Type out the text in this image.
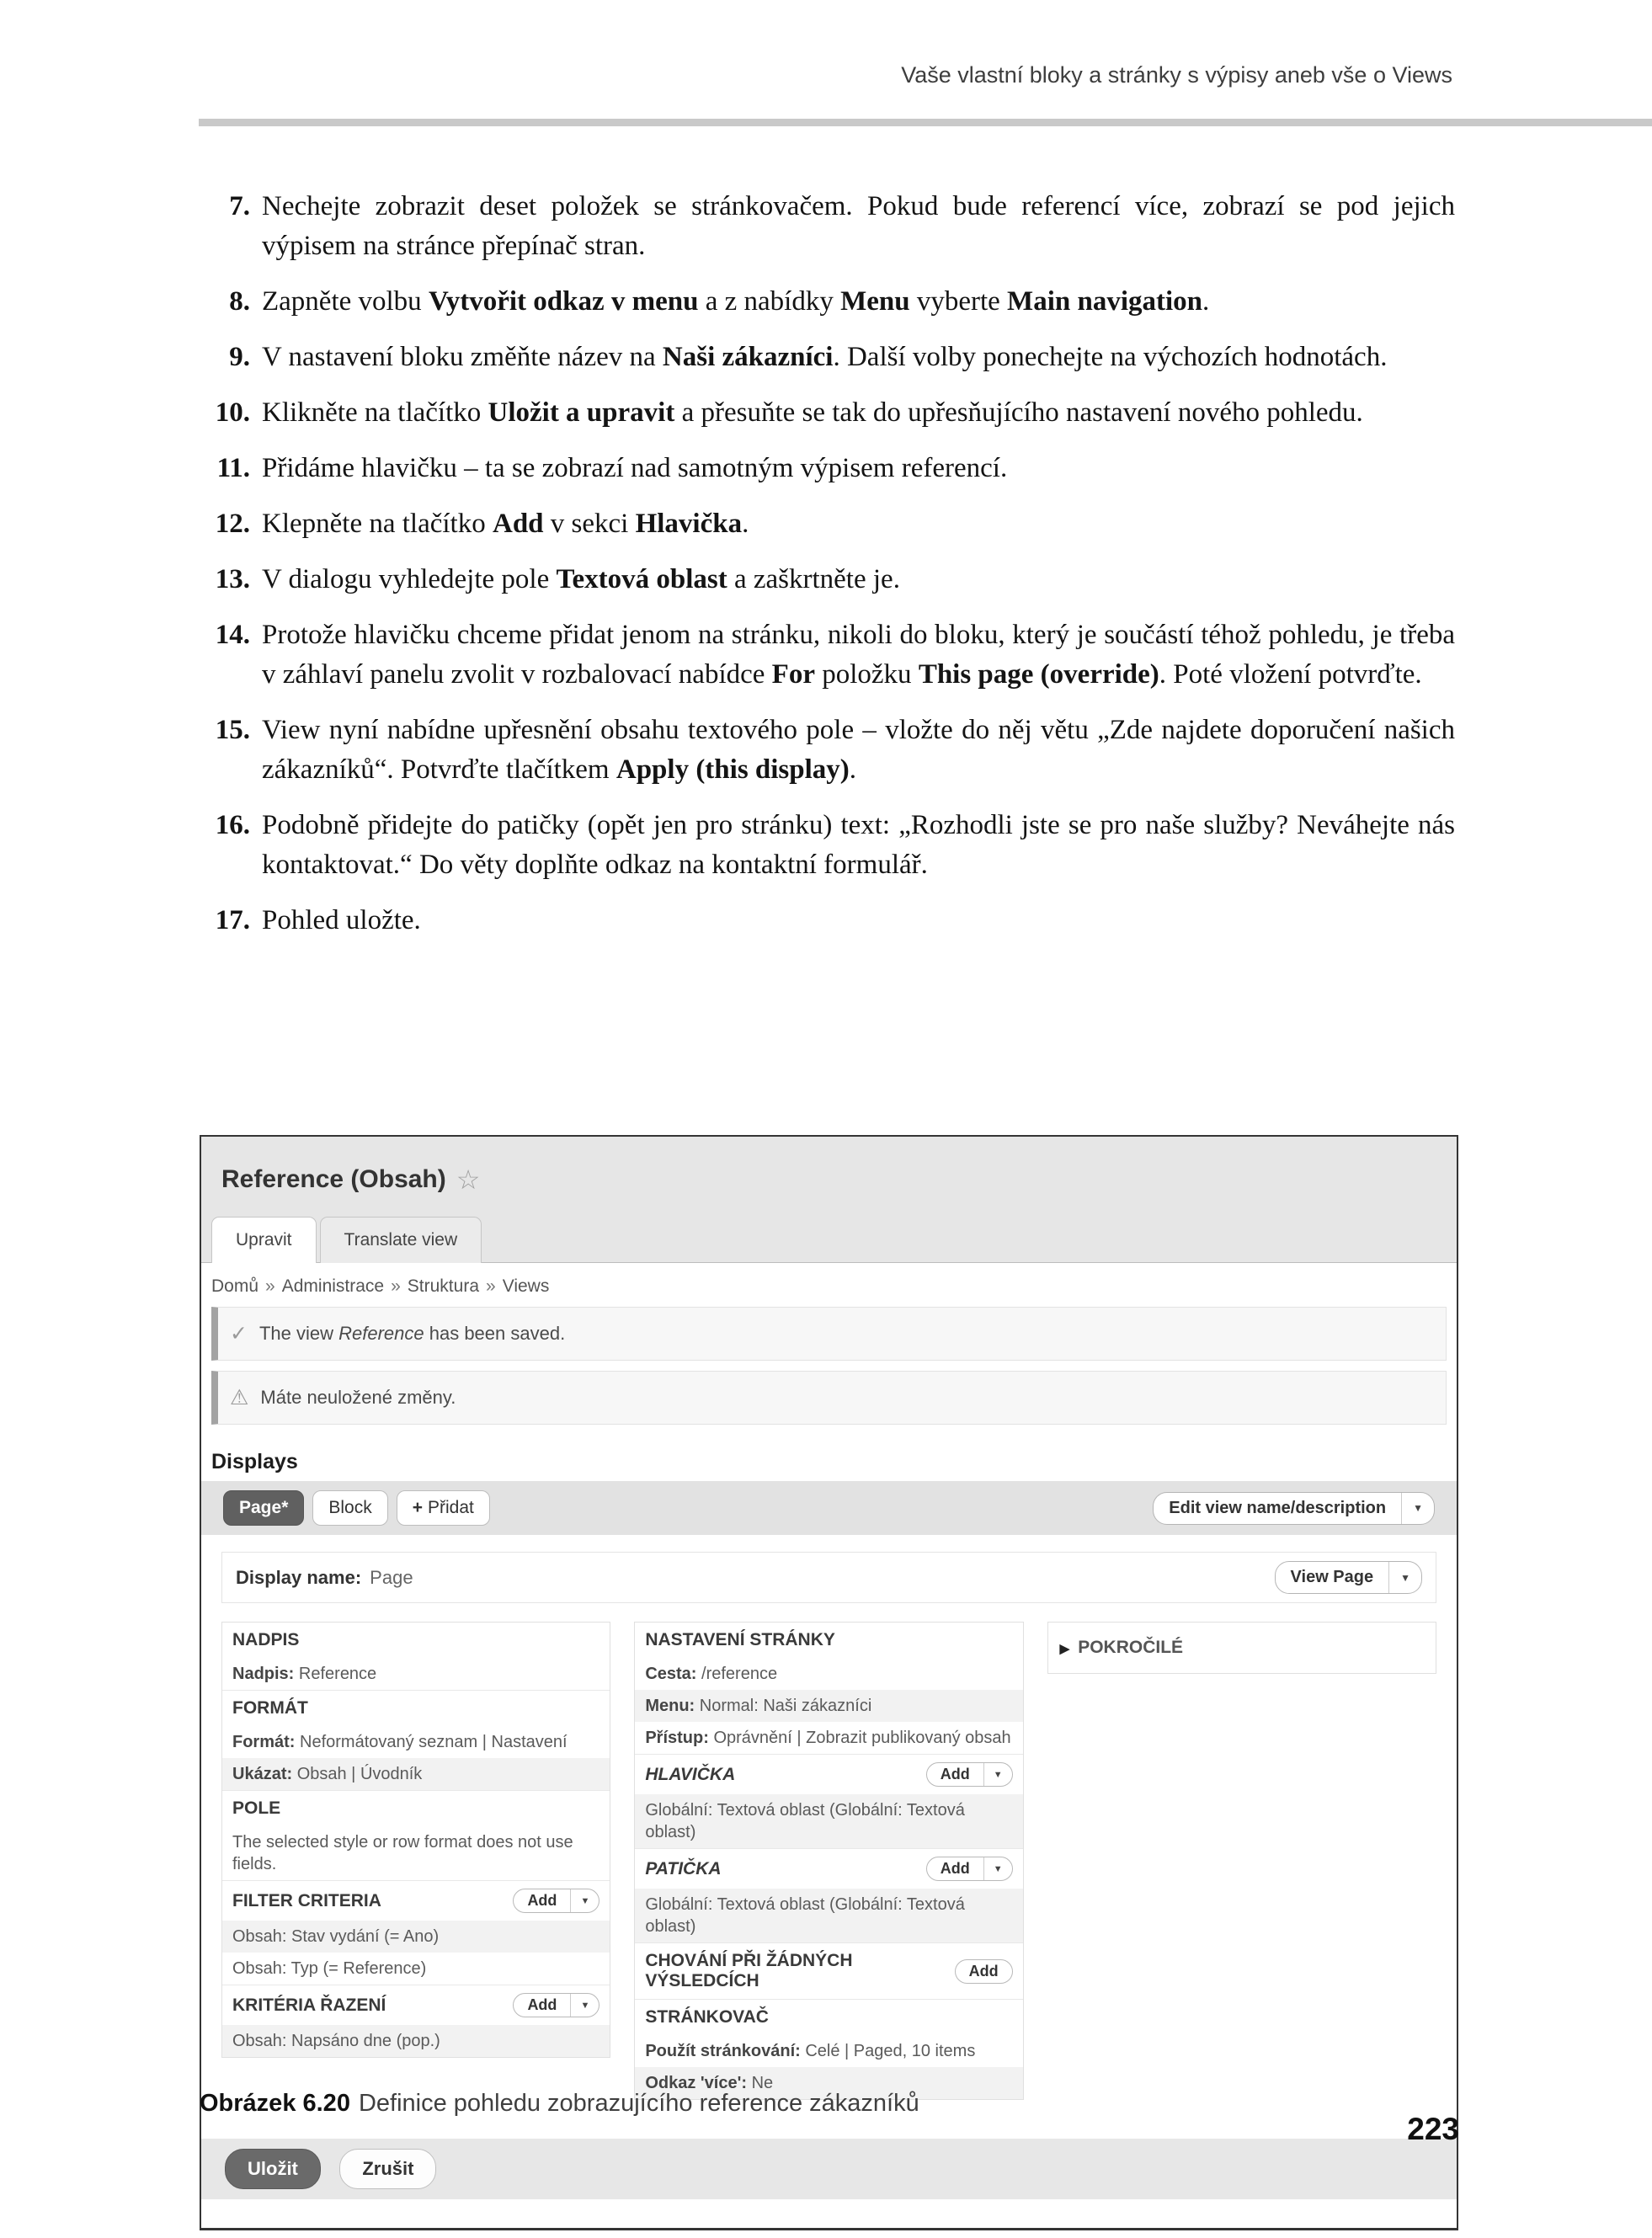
Vaše vlastní bloky a stránky s výpisy aneb vše o Views
7. Nechejte zobrazit deset položek se stránkovačem. Pokud bude referencí více, zobrazí se pod jejich výpisem na stránce přepínač stran.
8. Zapněte volbu Vytvořit odkaz v menu a z nabídky Menu vyberte Main navigation.
9. V nastavení bloku změňte název na Naši zákazníci. Další volby ponechejte na výchozích hodnotách.
10. Klikněte na tlačítko Uložit a upravit a přesuňte se tak do upřesňujícího nastavení nového pohledu.
11. Přidáme hlavičku – ta se zobrazí nad samotným výpisem referencí.
12. Klepněte na tlačítko Add v sekci Hlavička.
13. V dialogu vyhledejte pole Textová oblast a zaškrtněte je.
14. Protože hlavičku chceme přidat jenom na stránku, nikoli do bloku, který je součástí téhož pohledu, je třeba v záhlaví panelu zvolit v rozbalovací nabídce For položku This page (override). Poté vložení potvrďte.
15. View nyní nabídne upřesnění obsahu textového pole – vložte do něj větu „Zde najdete doporučení našich zákazníků“. Potvrďte tlačítkem Apply (this display).
16. Podobně přidejte do patičky (opět jen pro stránku) text: „Rozhodli jste se pro naše služby? Neváhejte nás kontaktovat.“ Do věty doplňte odkaz na kontaktní formulář.
17. Pohled uložte.
Reference (Obsah) ☆
Upravit	Translate view
Domů » Administrace » Struktura » Views
✓ The view Reference has been saved.
⚠ Máte neuložené změny.
Displays
Page*	Block	+ Přidat	Edit view name/description	▼
Display name: Page	View Page	▼
NADPIS
Nadpis: Reference
FORMÁT
Formát: Neformátovaný seznam | Nastavení
Ukázat: Obsah | Úvodník
POLE
The selected style or row format does not use fields.
FILTER CRITERIA	Add	▼
Obsah: Stav vydání (= Ano)
Obsah: Typ (= Reference)
KRITÉRIA ŘAZENÍ	Add	▼
Obsah: Napsáno dne (pop.)
NASTAVENÍ STRÁNKY
Cesta: /reference
Menu: Normal: Naši zákazníci
Přístup: Oprávnění | Zobrazit publikovaný obsah
HLAVIČKA	Add	▼
Globální: Textová oblast (Globální: Textová oblast)
PATIČKA	Add	▼
Globální: Textová oblast (Globální: Textová oblast)
CHOVÁNÍ PŘI ŽÁDNÝCH VÝSLEDCÍCH
Add
STRÁNKOVAČ
Použít stránkování: Celé | Paged, 10 items
Odkaz 'více': Ne
▶ POKROČILÉ
Uložit	Zrušit
Obrázek 6.20 Definice pohledu zobrazujícího reference zákazníků
223
